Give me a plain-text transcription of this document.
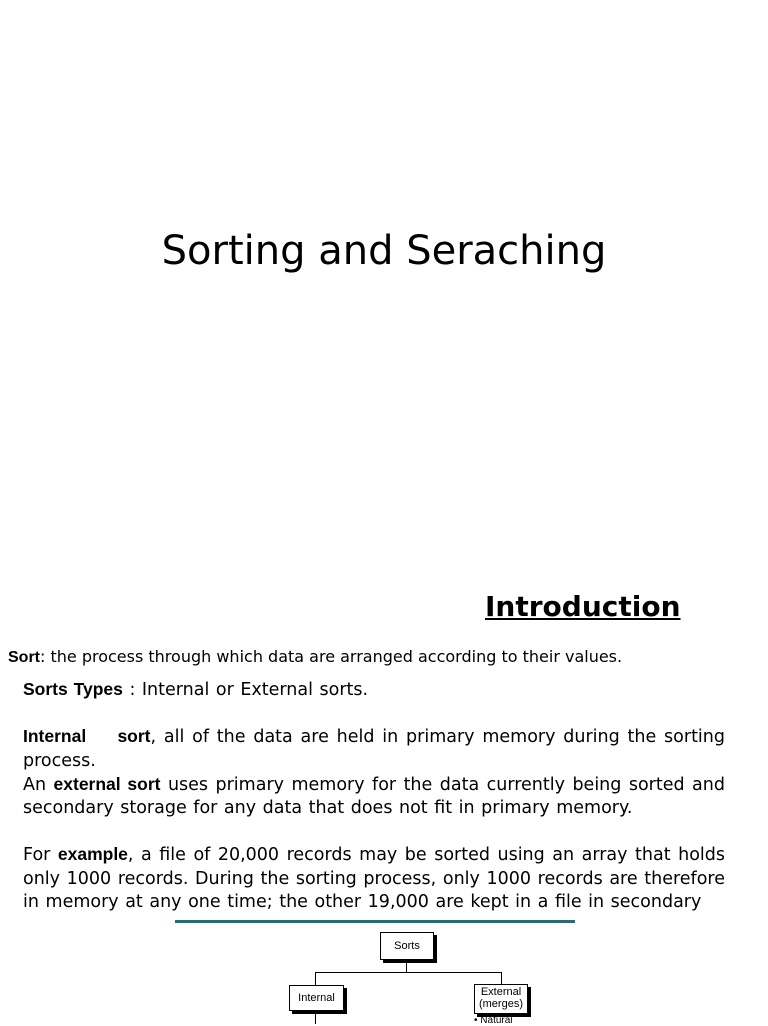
Sorting and Seraching
Introduction
Sort: the process through which data are arranged according to their values.

Sorts Types : Internal or External sorts.

Internal sort, all of the data are held in primary memory during the sorting process.

An external sort uses primary memory for the data currently being sorted and secondary storage for any data that does not fit in primary memory.

For example, a file of 20,000 records may be sorted using an array that holds only 1000 records. During the sorting process, only 1000 records are therefore in memory at any one time; the other 19,000 are kept in a file in secondary

Sorts
Internal	External
(merges)
• Natural
